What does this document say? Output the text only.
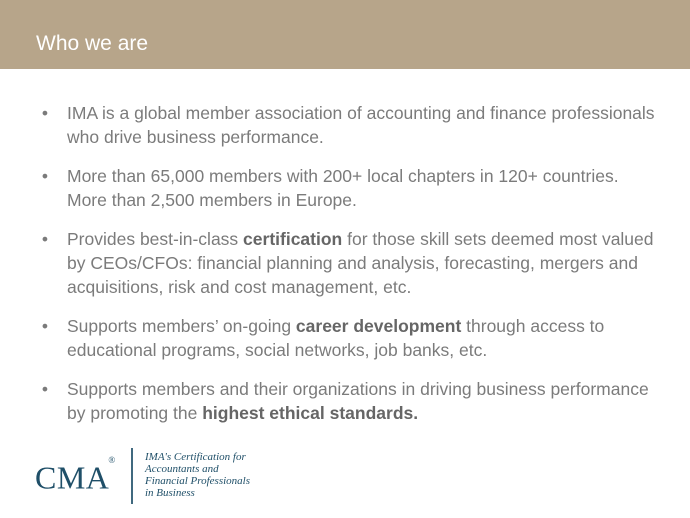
Who we are
•	IMA is a global member association of accounting and finance professionals who drive business performance.
•	More than 65,000 members with 200+ local chapters in 120+ countries. More than 2,500 members in Europe.
•	Provides best-in-class certification for those skill sets deemed most valued by CEOs/CFOs: financial planning and analysis, forecasting, mergers and acquisitions, risk and cost management, etc.
•	Supports members’ on-going career development through access to educational programs, social networks, job banks, etc.
•	Supports members and their organizations in driving business performance by promoting the highest ethical standards.
CMA®	IMA's Certification for
Accountants and
Financial Professionals
in Business
